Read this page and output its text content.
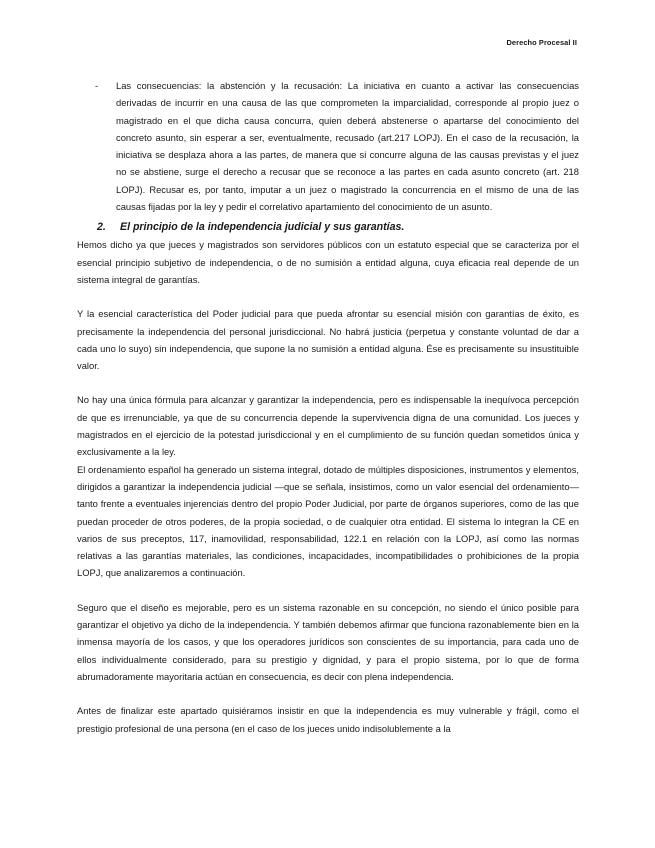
Derecho Procesal II
- Las consecuencias: la abstención y la recusación: La iniciativa en cuanto a activar las consecuencias derivadas de incurrir en una causa de las que comprometen la imparcialidad, corresponde al propio juez o magistrado en el que dicha causa concurra, quien deberá abstenerse o apartarse del conocimiento del concreto asunto, sin esperar a ser, eventualmente, recusado (art.217 LOPJ). En el caso de la recusación, la iniciativa se desplaza ahora a las partes, de manera que si concurre alguna de las causas previstas y el juez no se abstiene, surge el derecho a recusar que se reconoce a las partes en cada asunto concreto (art. 218 LOPJ). Recusar es, por tanto, imputar a un juez o magistrado la concurrencia en el mismo de una de las causas fijadas por la ley y pedir el correlativo apartamiento del conocimiento de un asunto.
2. El principio de la independencia judicial y sus garantías.

Hemos dicho ya que jueces y magistrados son servidores públicos con un estatuto especial que se caracteriza por el esencial principio subjetivo de independencia, o de no sumisión a entidad alguna, cuya eficacia real depende de un sistema integral de garantías.

Y la esencial característica del Poder judicial para que pueda afrontar su esencial misión con garantías de éxito, es precisamente la independencia del personal jurisdiccional. No habrá justicia (perpetua y constante voluntad de dar a cada uno lo suyo) sin independencia, que supone la no sumisión a entidad alguna. Ése es precisamente su insustituible valor.

No hay una única fórmula para alcanzar y garantizar la independencia, pero es indispensable la inequívoca percepción de que es irrenunciable, ya que de su concurrencia depende la supervivencia digna de una comunidad. Los jueces y magistrados en el ejercicio de la potestad jurisdiccional y en el cumplimiento de su función quedan sometidos única y exclusivamente a la ley.

El ordenamiento español ha generado un sistema integral, dotado de múltiples disposiciones, instrumentos y elementos, dirigidos a garantizar la independencia judicial —que se señala, insistimos, como un valor esencial del ordenamiento— tanto frente a eventuales injerencias dentro del propio Poder Judicial, por parte de órganos superiores, como de las que puedan proceder de otros poderes, de la propia sociedad, o de cualquier otra entidad. El sistema lo integran la CE en varios de sus preceptos, 117, inamovilidad, responsabilidad, 122.1 en relación con la LOPJ, así como las normas relativas a las garantías materiales, las condiciones, incapacidades, incompatibilidades o prohibiciones de la propia LOPJ, que analizaremos a continuación.

Seguro que el diseño es mejorable, pero es un sistema razonable en su concepción, no siendo el único posible para garantizar el objetivo ya dicho de la independencia. Y también debemos afirmar que funciona razonablemente bien en la inmensa mayoría de los casos, y que los operadores jurídicos son conscientes de su importancia, para cada uno de ellos individualmente considerado, para su prestigio y dignidad, y para el propio sistema, por lo que de forma abrumadoramente mayoritaria actúan en consecuencia, es decir con plena independencia.

Antes de finalizar este apartado quisiéramos insistir en que la independencia es muy vulnerable y frágil, como el prestigio profesional de una persona (en el caso de los jueces unido indisolublemente a la
